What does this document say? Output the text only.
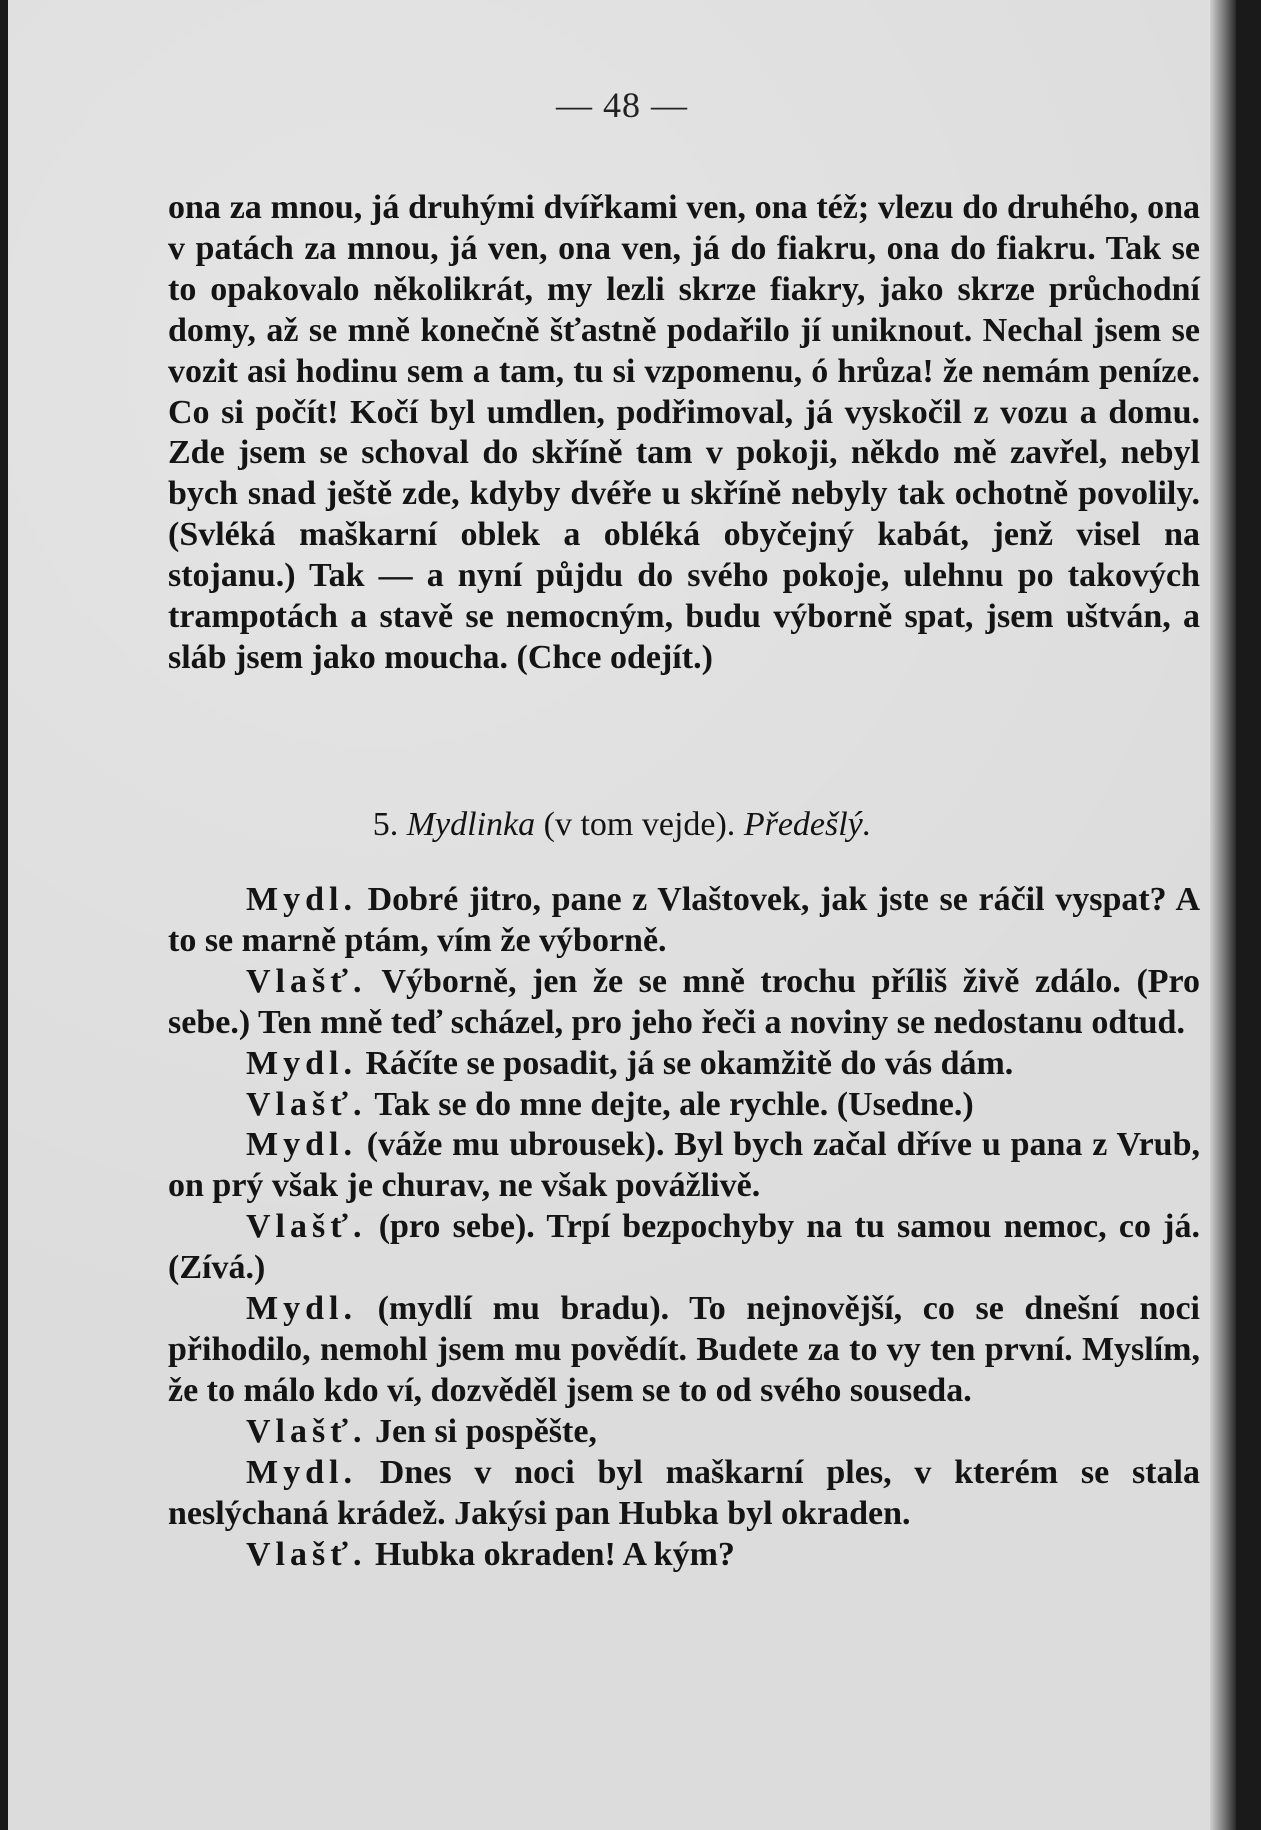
— 48 —

ona za mnou, já druhými dvířkami ven, ona též; vlezu do druhého, ona v patách za mnou, já ven, ona ven, já do fiakru, ona do fiakru. Tak se to opakovalo několikrát, my lezli skrze fiakry, jako skrze průchodní domy, až se mně konečně šťastně podařilo jí uniknout. Nechal jsem se vozit asi hodinu sem a tam, tu si vzpomenu, ó hrůza! že nemám peníze. Co si počít! Kočí byl umdlen, podřimoval, já vyskočil z vozu a domu. Zde jsem se schoval do skříně tam v pokoji, někdo mě zavřel, nebyl bych snad ještě zde, kdyby dvéře u skříně nebyly tak ochotně povolily. (Svléká maškarní oblek a obléká obyčejný kabát, jenž visel na stojanu.) Tak — a nyní půjdu do svého pokoje, ulehnu po takových trampotách a stavě se nemocným, budu výborně spat, jsem uštván, a sláb jsem jako moucha. (Chce odejít.)

5. Mydlinka (v tom vejde). Předešlý.

Mydl. Dobré jitro, pane z Vlaštovek, jak jste se ráčil vyspat? A to se marně ptám, vím že výborně.

Vlašť. Výborně, jen že se mně trochu příliš živě zdálo. (Pro sebe.) Ten mně teď scházel, pro jeho řeči a noviny se nedostanu odtud.

Mydl. Ráčíte se posadit, já se okamžitě do vás dám.

Vlašť. Tak se do mne dejte, ale rychle. (Usedne.)

Mydl. (váže mu ubrousek). Byl bych začal dříve u pana z Vrub, on prý však je churav, ne však povážlivě.

Vlašť. (pro sebe). Trpí bezpochyby na tu samou nemoc, co já. (Zívá.)

Mydl. (mydlí mu bradu). To nejnovější, co se dnešní noci přihodilo, nemohl jsem mu povědít. Budete za to vy ten první. Myslím, že to málo kdo ví, dozvěděl jsem se to od svého souseda.

Vlašť. Jen si pospěšte,

Mydl. Dnes v noci byl maškarní ples, v kterém se stala neslýchaná krádež. Jakýsi pan Hubka byl okraden.

Vlašť. Hubka okraden! A kým?
